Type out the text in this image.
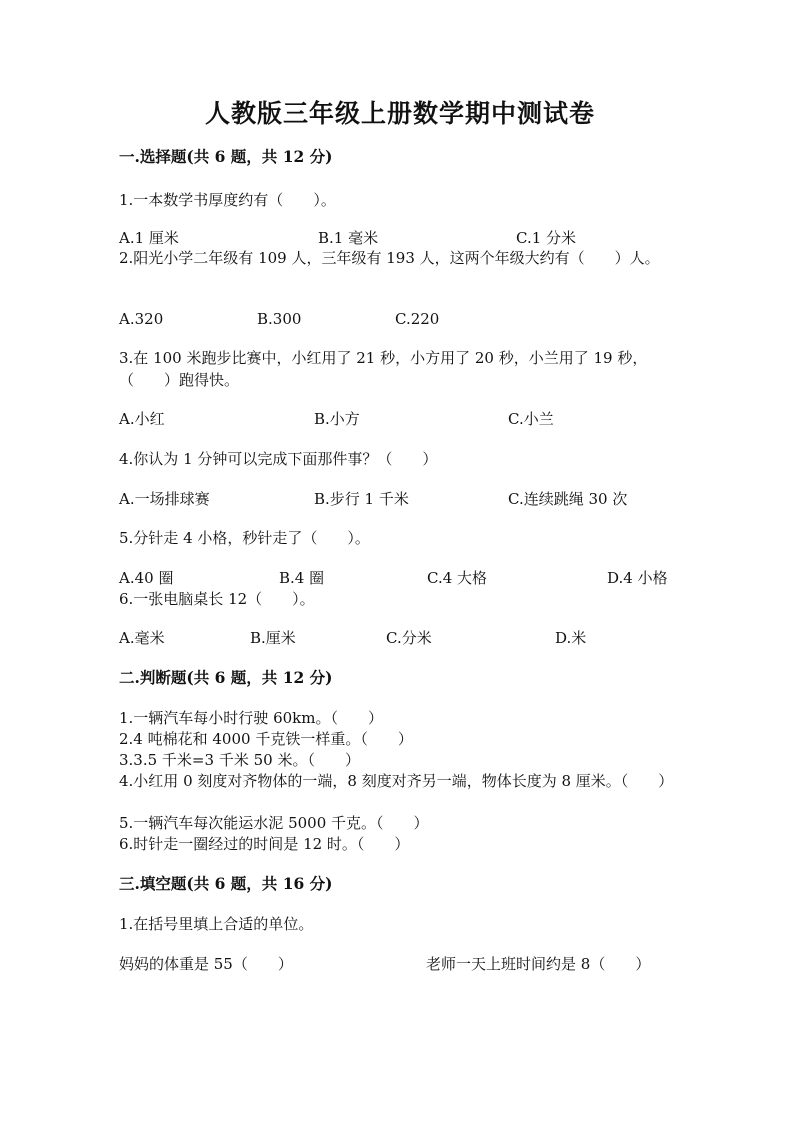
人教版三年级上册数学期中测试卷
一.选择题(共 6 题，共 12 分)
1.一本数学书厚度约有（　　）。
A.1 厘米	B.1 毫米	C.1 分米
2.阳光小学二年级有 109 人，三年级有 193 人，这两个年级大约有（　　）人。
A.320	B.300	C.220
3.在 100 米跑步比赛中，小红用了 21 秒，小方用了 20 秒，小兰用了 19 秒，（　　）跑得快。
A.小红	B.小方	C.小兰
4.你认为 1 分钟可以完成下面那件事？（　　）
A.一场排球赛	B.步行 1 千米	C.连续跳绳 30 次
5.分针走 4 小格，秒针走了（　　）。
A.40 圈	B.4 圈	C.4 大格	D.4 小格
6.一张电脑桌长 12（　　）。
A.毫米	B.厘米	C.分米	D.米
二.判断题(共 6 题，共 12 分)
1.一辆汽车每小时行驶 60km。（　　）
2.4 吨棉花和 4000 千克铁一样重。（　　）
3.3.5 千米=3 千米 50 米。（　　）
4.小红用 0 刻度对齐物体的一端，8 刻度对齐另一端，物体长度为 8 厘米。（　　）
5.一辆汽车每次能运水泥 5000 千克。（　　）
6.时针走一圈经过的时间是 12 时。（　　）
三.填空题(共 6 题，共 16 分)
1.在括号里填上合适的单位。
妈妈的体重是 55（　　）	老师一天上班时间约是 8（　　）
